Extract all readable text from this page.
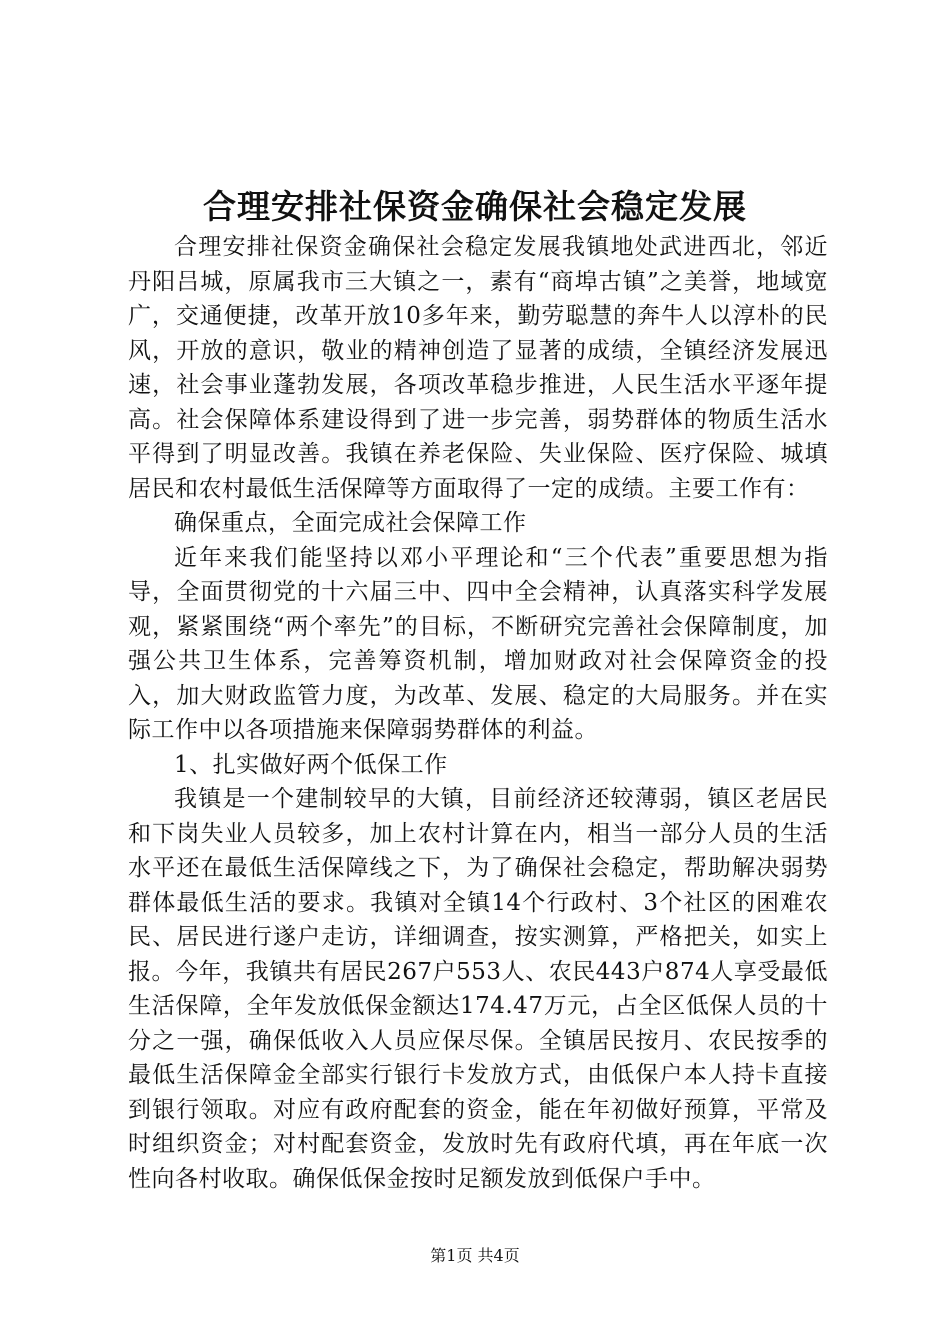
合理安排社保资金确保社会稳定发展

合理安排社保资金确保社会稳定发展我镇地处武进西北，邻近丹阳吕城，原属我市三大镇之一，素有“商埠古镇”之美誉，地域宽广，交通便捷，改革开放10多年来，勤劳聪慧的奔牛人以淳朴的民风，开放的意识，敬业的精神创造了显著的成绩，全镇经济发展迅速，社会事业蓬勃发展，各项改革稳步推进，人民生活水平逐年提高。社会保障体系建设得到了进一步完善，弱势群体的物质生活水平得到了明显改善。我镇在养老保险、失业保险、医疗保险、城填居民和农村最低生活保障等方面取得了一定的成绩。主要工作有：

确保重点，全面完成社会保障工作

近年来我们能坚持以邓小平理论和“三个代表”重要思想为指导，全面贯彻党的十六届三中、四中全会精神，认真落实科学发展观，紧紧围绕“两个率先”的目标，不断研究完善社会保障制度，加强公共卫生体系，完善筹资机制，增加财政对社会保障资金的投入，加大财政监管力度，为改革、发展、稳定的大局服务。并在实际工作中以各项措施来保障弱势群体的利益。

1、扎实做好两个低保工作

我镇是一个建制较早的大镇，目前经济还较薄弱，镇区老居民和下岗失业人员较多，加上农村计算在内，相当一部分人员的生活水平还在最低生活保障线之下，为了确保社会稳定，帮助解决弱势群体最低生活的要求。我镇对全镇14个行政村、3个社区的困难农民、居民进行遂户走访，详细调查，按实测算，严格把关，如实上报。今年，我镇共有居民267户553人、农民443户874人享受最低生活保障，全年发放低保金额达174.47万元，占全区低保人员的十分之一强，确保低收入人员应保尽保。全镇居民按月、农民按季的最低生活保障金全部实行银行卡发放方式，由低保户本人持卡直接到银行领取。对应有政府配套的资金，能在年初做好预算，平常及时组织资金；对村配套资金，发放时先有政府代填，再在年底一次性向各村收取。确保低保金按时足额发放到低保户手中。

第1页 共4页
